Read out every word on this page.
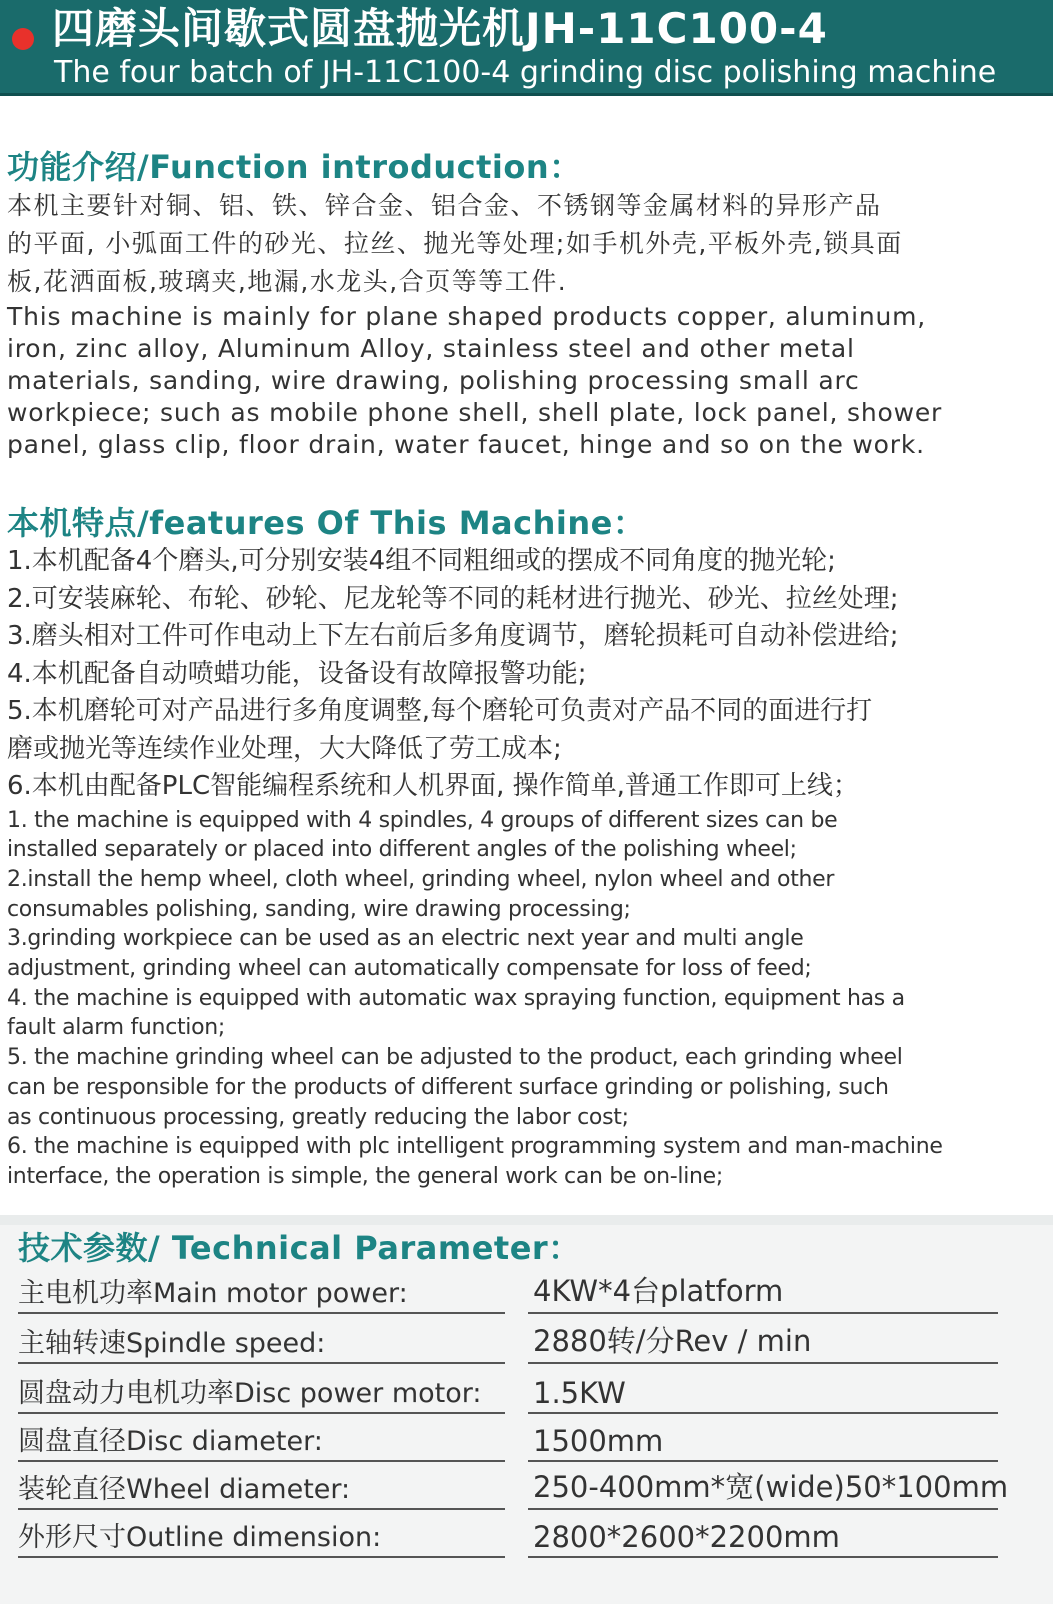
四磨头间歇式圆盘抛光机JH-11C100-4
The four batch of JH-11C100-4 grinding disc polishing machine
功能介绍/Function introduction：

本机主要针对铜、铝、铁、锌合金、铝合金、不锈钢等金属材料的异形产品

的平面, 小弧面工件的砂光、拉丝、抛光等处理;如手机外壳,平板外壳,锁具面

板,花洒面板,玻璃夹,地漏,水龙头,合页等等工件.

This machine is mainly for plane shaped products copper, aluminum,

iron, zinc alloy, Aluminum Alloy, stainless steel and other metal

materials, sanding, wire drawing, polishing processing small arc

workpiece; such as mobile phone shell, shell plate, lock panel, shower

panel, glass clip, floor drain, water faucet, hinge and so on the work.

本机特点/features Of This Machine：

1.本机配备4个磨头,可分别安装4组不同粗细或的摆成不同角度的抛光轮;

2.可安装麻轮、布轮、砂轮、尼龙轮等不同的耗材进行抛光、砂光、拉丝处理;

3.磨头相对工件可作电动上下左右前后多角度调节，磨轮损耗可自动补偿进给;

4.本机配备自动喷蜡功能，设备设有故障报警功能;

5.本机磨轮可对产品进行多角度调整,每个磨轮可负责对产品不同的面进行打

磨或抛光等连续作业处理，大大降低了劳工成本;

6.本机由配备PLC智能编程系统和人机界面, 操作简单,普通工作即可上线；

1. the machine is equipped with 4 spindles, 4 groups of different sizes can be

installed separately or placed into different angles of the polishing wheel;

2.install the hemp wheel, cloth wheel, grinding wheel, nylon wheel and other

consumables polishing, sanding, wire drawing processing;

3.grinding workpiece can be used as an electric next year and multi angle

adjustment, grinding wheel can automatically compensate for loss of feed;

4. the machine is equipped with automatic wax spraying function, equipment has a

fault alarm function;

5. the machine grinding wheel can be adjusted to the product, each grinding wheel

can be responsible for the products of different surface grinding or polishing, such

as continuous processing, greatly reducing the labor cost;

6. the machine is equipped with plc intelligent programming system and man-machine

interface, the operation is simple, the general work can be on-line;

技术参数/ Technical Parameter：
主电机功率Main motor power:	4KW*4台platform
主轴转速Spindle speed:	2880转/分Rev / min
圆盘动力电机功率Disc power motor:	1.5KW
圆盘直径Disc diameter:	1500mm
装轮直径Wheel diameter:	250-400mm*宽(wide)50*100mm
外形尺寸Outline dimension:	2800*2600*2200mm
